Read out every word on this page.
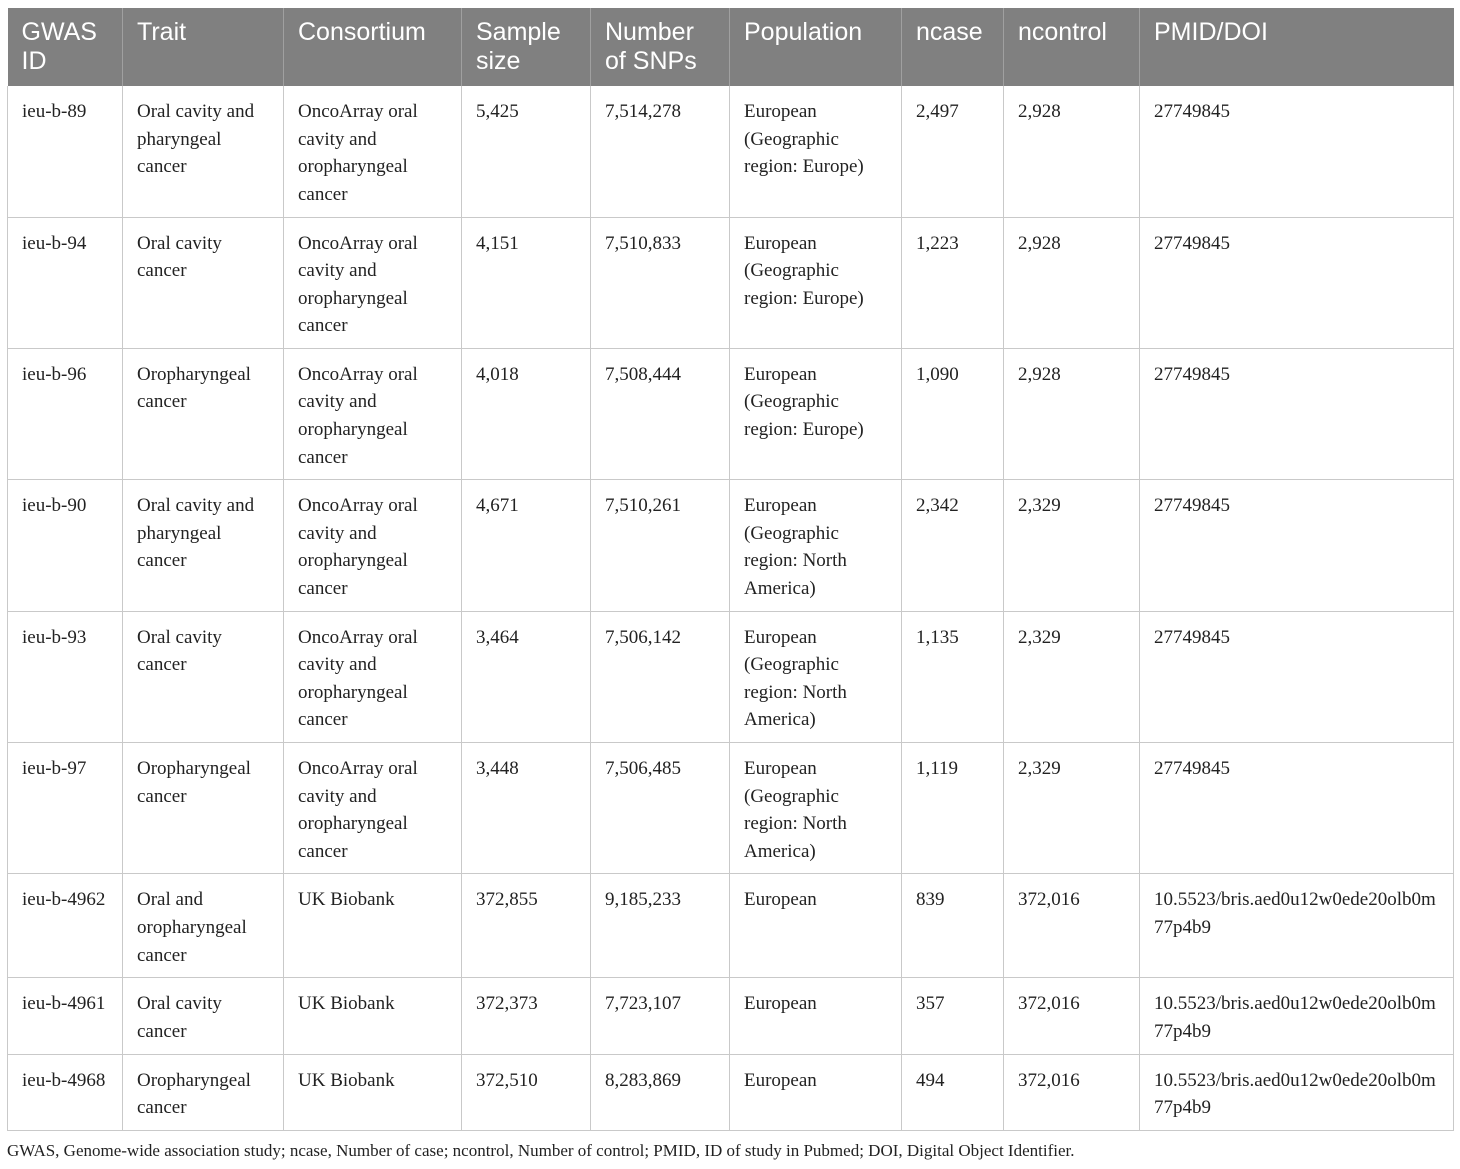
GWAS ID	Trait	Consortium	Sample size	Number of SNPs	Population	ncase	ncontrol	PMID/DOI
ieu-b-89	Oral cavity and pharyngeal cancer	OncoArray oral cavity and oropharyngeal cancer	5,425	7,514,278	European (Geographic region: Europe)	2,497	2,928	27749845
ieu-b-94	Oral cavity cancer	OncoArray oral cavity and oropharyngeal cancer	4,151	7,510,833	European (Geographic region: Europe)	1,223	2,928	27749845
ieu-b-96	Oropharyngeal cancer	OncoArray oral cavity and oropharyngeal cancer	4,018	7,508,444	European (Geographic region: Europe)	1,090	2,928	27749845
ieu-b-90	Oral cavity and pharyngeal cancer	OncoArray oral cavity and oropharyngeal cancer	4,671	7,510,261	European (Geographic region: North America)	2,342	2,329	27749845
ieu-b-93	Oral cavity cancer	OncoArray oral cavity and oropharyngeal cancer	3,464	7,506,142	European (Geographic region: North America)	1,135	2,329	27749845
ieu-b-97	Oropharyngeal cancer	OncoArray oral cavity and oropharyngeal cancer	3,448	7,506,485	European (Geographic region: North America)	1,119	2,329	27749845
ieu-b-4962	Oral and oropharyngeal cancer	UK Biobank	372,855	9,185,233	European	839	372,016	10.5523/bris.aed0u12w0ede20olb0m77p4b9
ieu-b-4961	Oral cavity cancer	UK Biobank	372,373	7,723,107	European	357	372,016	10.5523/bris.aed0u12w0ede20olb0m77p4b9
ieu-b-4968	Oropharyngeal cancer	UK Biobank	372,510	8,283,869	European	494	372,016	10.5523/bris.aed0u12w0ede20olb0m77p4b9
GWAS, Genome-wide association study; ncase, Number of case; ncontrol, Number of control; PMID, ID of study in Pubmed; DOI, Digital Object Identifier.
